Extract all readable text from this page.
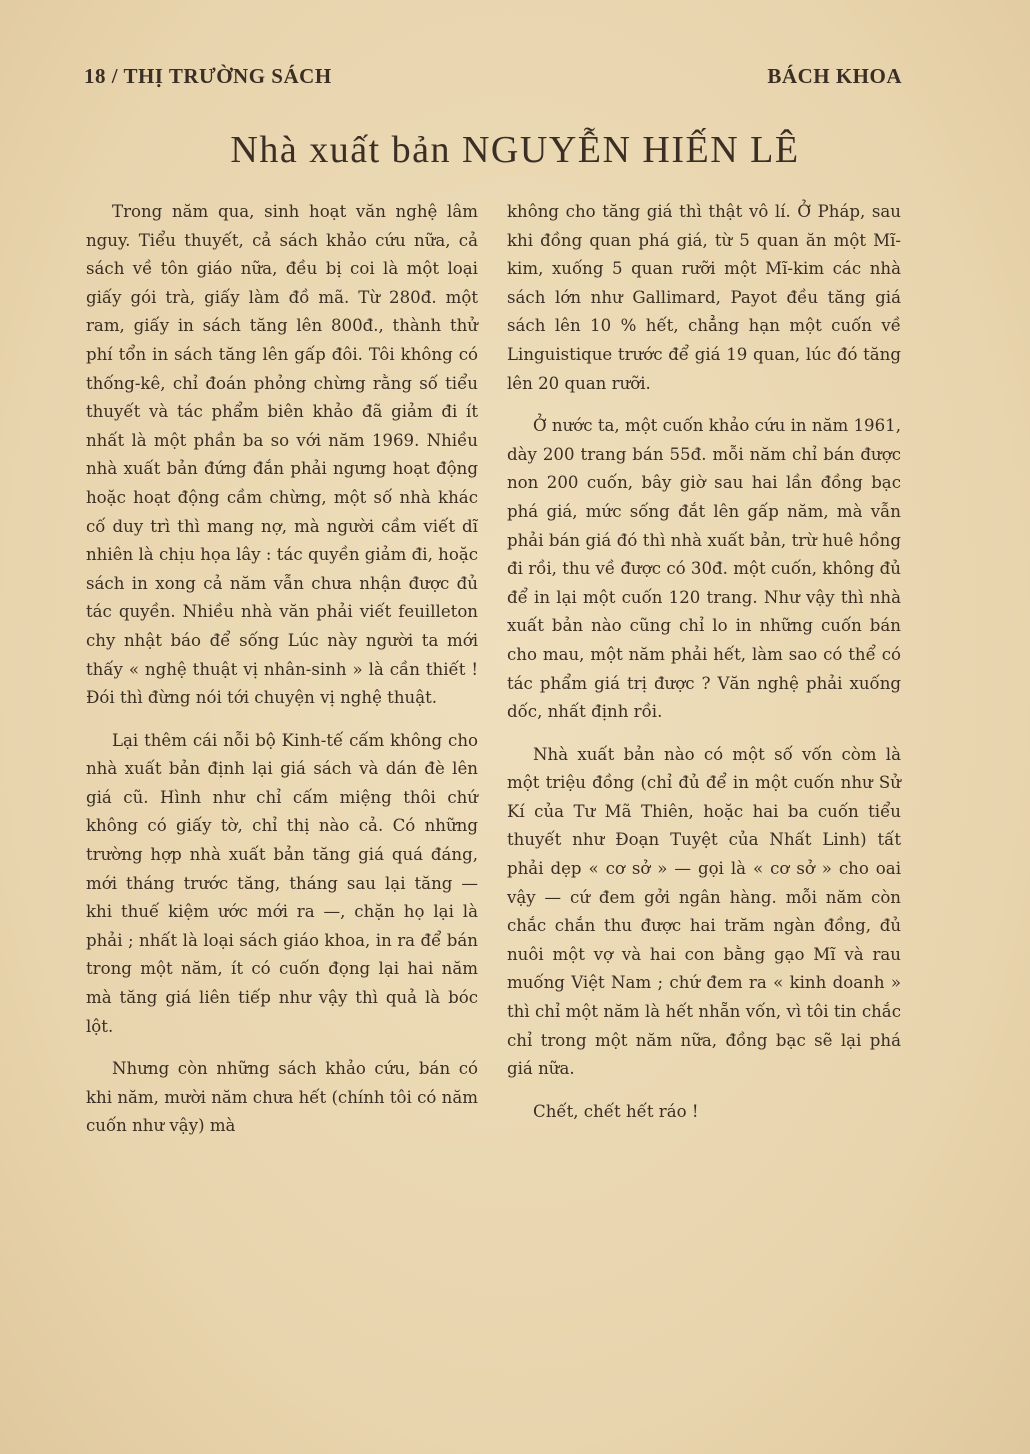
18 / THỊ TRƯỜNG SÁCH	BÁCH KHOA
Nhà xuất bản NGUYỄN HIẾN LÊ

Trong năm qua, sinh hoạt văn nghệ lâm nguy. Tiểu thuyết, cả sách khảo cứu nữa, cả sách về tôn giáo nữa, đều bị coi là một loại giấy gói trà, giấy làm đồ mã. Từ 280đ. một ram, giấy in sách tăng lên 800đ., thành thử phí tổn in sách tăng lên gấp đôi. Tôi không có thống-kê, chỉ đoán phỏng chừng rằng số tiểu thuyết và tác phẩm biên khảo đã giảm đi ít nhất là một phần ba so với năm 1969. Nhiều nhà xuất bản đứng đắn phải ngưng hoạt động hoặc hoạt động cầm chừng, một số nhà khác cố duy trì thì mang nợ, mà người cầm viết dĩ nhiên là chịu họa lây : tác quyền giảm đi, hoặc sách in xong cả năm vẫn chưa nhận được đủ tác quyền. Nhiều nhà văn phải viết feuilleton chy nhật báo để sống Lúc này người ta mới thấy « nghệ thuật vị nhân-sinh » là cần thiết ! Đói thì đừng nói tới chuyện vị nghệ thuật.

Lại thêm cái nỗi bộ Kinh-tế cấm không cho nhà xuất bản định lại giá sách và dán đè lên giá cũ. Hình như chỉ cấm miệng thôi chứ không có giấy tờ, chỉ thị nào cả. Có những trường hợp nhà xuất bản tăng giá quá đáng, mới tháng trước tăng, tháng sau lại tăng — khi thuế kiệm ước mới ra —, chặn họ lại là phải ; nhất là loại sách giáo khoa, in ra để bán trong một năm, ít có cuốn đọng lại hai năm mà tăng giá liên tiếp như vậy thì quả là bóc lột.

Nhưng còn những sách khảo cứu, bán có khi năm, mười năm chưa hết (chính tôi có năm cuốn như vậy) mà

không cho tăng giá thì thật vô lí. Ở Pháp, sau khi đồng quan phá giá, từ 5 quan ăn một Mĩ-kim, xuống 5 quan rưỡi một Mĩ-kim các nhà sách lớn như Gallimard, Payot đều tăng giá sách lên 10 % hết, chẳng hạn một cuốn về Linguistique trước để giá 19 quan, lúc đó tăng lên 20 quan rưỡi.

Ở nước ta, một cuốn khảo cứu in năm 1961, dày 200 trang bán 55đ. mỗi năm chỉ bán được non 200 cuốn, bây giờ sau hai lần đồng bạc phá giá, mức sống đắt lên gấp năm, mà vẫn phải bán giá đó thì nhà xuất bản, trừ huê hồng đi rồi, thu về được có 30đ. một cuốn, không đủ để in lại một cuốn 120 trang. Như vậy thì nhà xuất bản nào cũng chỉ lo in những cuốn bán cho mau, một năm phải hết, làm sao có thể có tác phẩm giá trị được ? Văn nghệ phải xuống dốc, nhất định rồi.

Nhà xuất bản nào có một số vốn còm là một triệu đồng (chỉ đủ để in một cuốn như Sử Kí của Tư Mã Thiên, hoặc hai ba cuốn tiểu thuyết như Đoạn Tuyệt của Nhất Linh) tất phải dẹp « cơ sở » — gọi là « cơ sở » cho oai vậy — cứ đem gởi ngân hàng. mỗi năm còn chắc chắn thu được hai trăm ngàn đồng, đủ nuôi một vợ và hai con bằng gạo Mĩ và rau muống Việt Nam ; chứ đem ra « kinh doanh » thì chỉ một năm là hết nhẵn vốn, vì tôi tin chắc chỉ trong một năm nữa, đồng bạc sẽ lại phá giá nữa.

Chết, chết hết ráo !
